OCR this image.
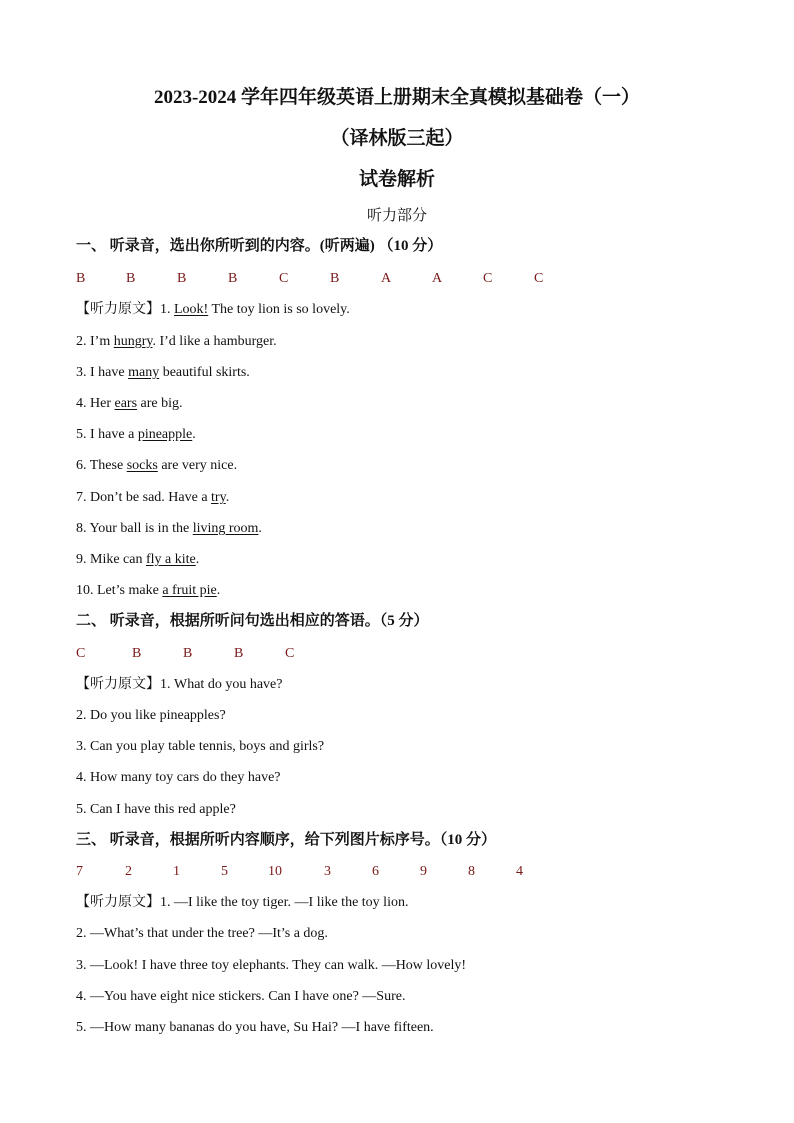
2023-2024 学年四年级英语上册期末全真模拟基础卷（一）
（译林版三起）
试卷解析
听力部分
一、 听录音，选出你所听到的内容。(听两遍) （10 分）
B	B	B	B	C	B	A	A	C	C
【听力原文】1. Look! The toy lion is so lovely.
2. I’m hungry. I’d like a hamburger.
3. I have many beautiful skirts.
4. Her ears are big.
5. I have a pineapple.
6. These socks are very nice.
7. Don’t be sad. Have a try.
8. Your ball is in the living room.
9. Mike can fly a kite.
10. Let’s make a fruit pie.
二、 听录音，根据所听问句选出相应的答语。（5 分）
C	B	B	B	C
【听力原文】1. What do you have?
2. Do you like pineapples?
3. Can you play table tennis, boys and girls?
4. How many toy cars do they have?
5. Can I have this red apple?
三、 听录音，根据所听内容顺序，给下列图片标序号。（10 分）
7	2	1	5	10	3	6	9	8	4
【听力原文】1. —I like the toy tiger. —I like the toy lion.
2. —What’s that under the tree? —It’s a dog.
3. —Look! I have three toy elephants. They can walk. —How lovely!
4. —You have eight nice stickers. Can I have one? —Sure.
5. —How many bananas do you have, Su Hai? —I have fifteen.
